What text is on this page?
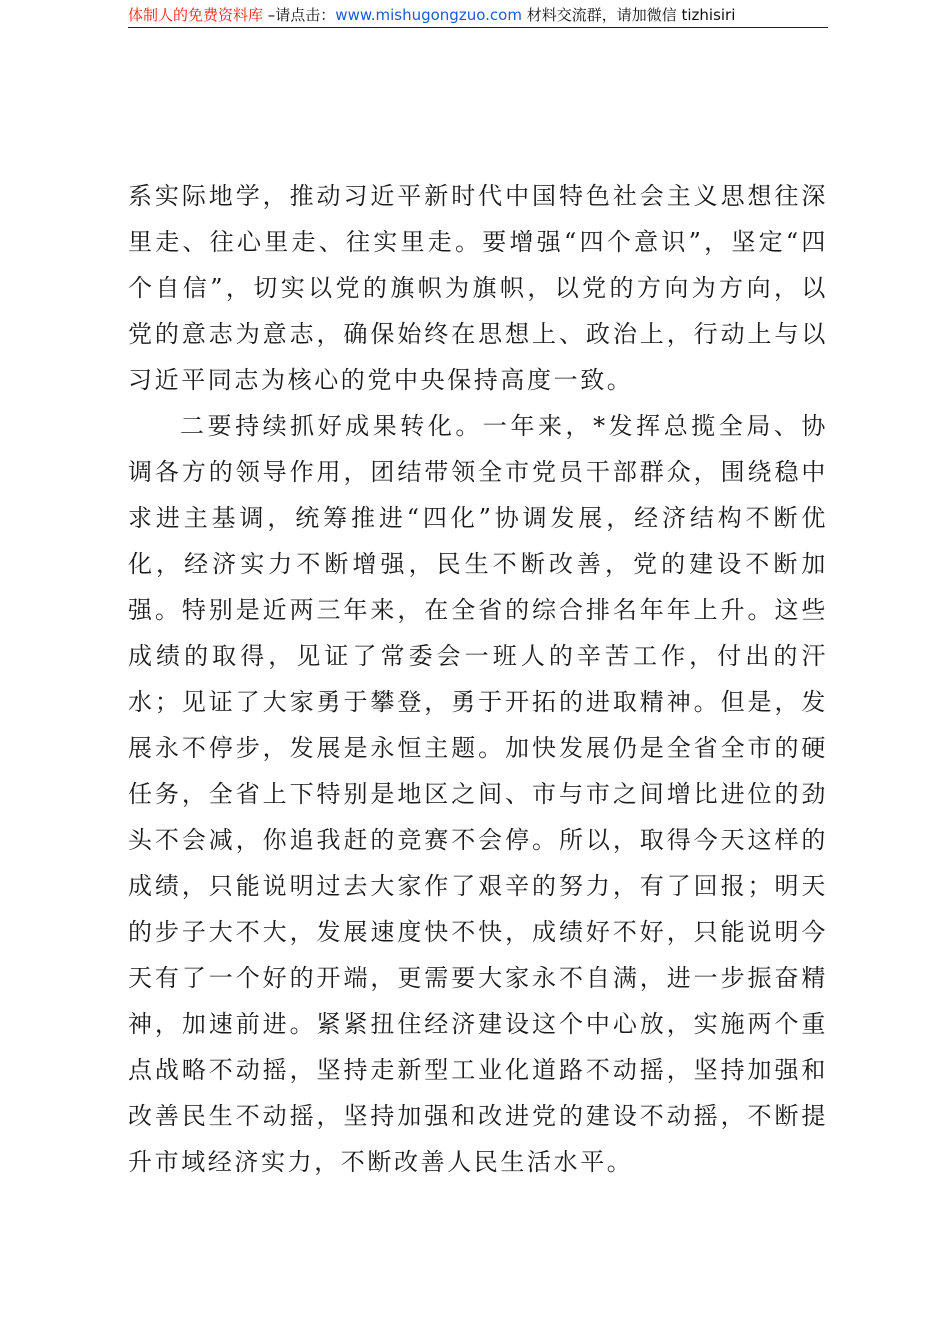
体制人的免费资料库 –请点击：www.mishugongzuo.com 材料交流群，请加微信 tizhisiri

系实际地学，推动习近平新时代中国特色社会主义思想往深里走、往心里走、往实里走。要增强“四个意识”，坚定“四个自信”，切实以党的旗帜为旗帜，以党的方向为方向，以党的意志为意志，确保始终在思想上、政治上，行动上与以习近平同志为核心的党中央保持高度一致。

二要持续抓好成果转化。一年来，*发挥总揽全局、协调各方的领导作用，团结带领全市党员干部群众，围绕稳中求进主基调，统筹推进“四化”协调发展，经济结构不断优化，经济实力不断增强，民生不断改善，党的建设不断加强。特别是近两三年来，在全省的综合排名年年上升。这些成绩的取得，见证了常委会一班人的辛苦工作，付出的汗水；见证了大家勇于攀登，勇于开拓的进取精神。但是，发展永不停步，发展是永恒主题。加快发展仍是全省全市的硬任务，全省上下特别是地区之间、市与市之间增比进位的劲头不会减，你追我赶的竞赛不会停。所以，取得今天这样的成绩，只能说明过去大家作了艰辛的努力，有了回报；明天的步子大不大，发展速度快不快，成绩好不好，只能说明今天有了一个好的开端，更需要大家永不自满，进一步振奋精神，加速前进。紧紧扭住经济建设这个中心放，实施两个重点战略不动摇，坚持走新型工业化道路不动摇，坚持加强和改善民生不动摇，坚持加强和改进党的建设不动摇，不断提升市域经济实力，不断改善人民生活水平。
